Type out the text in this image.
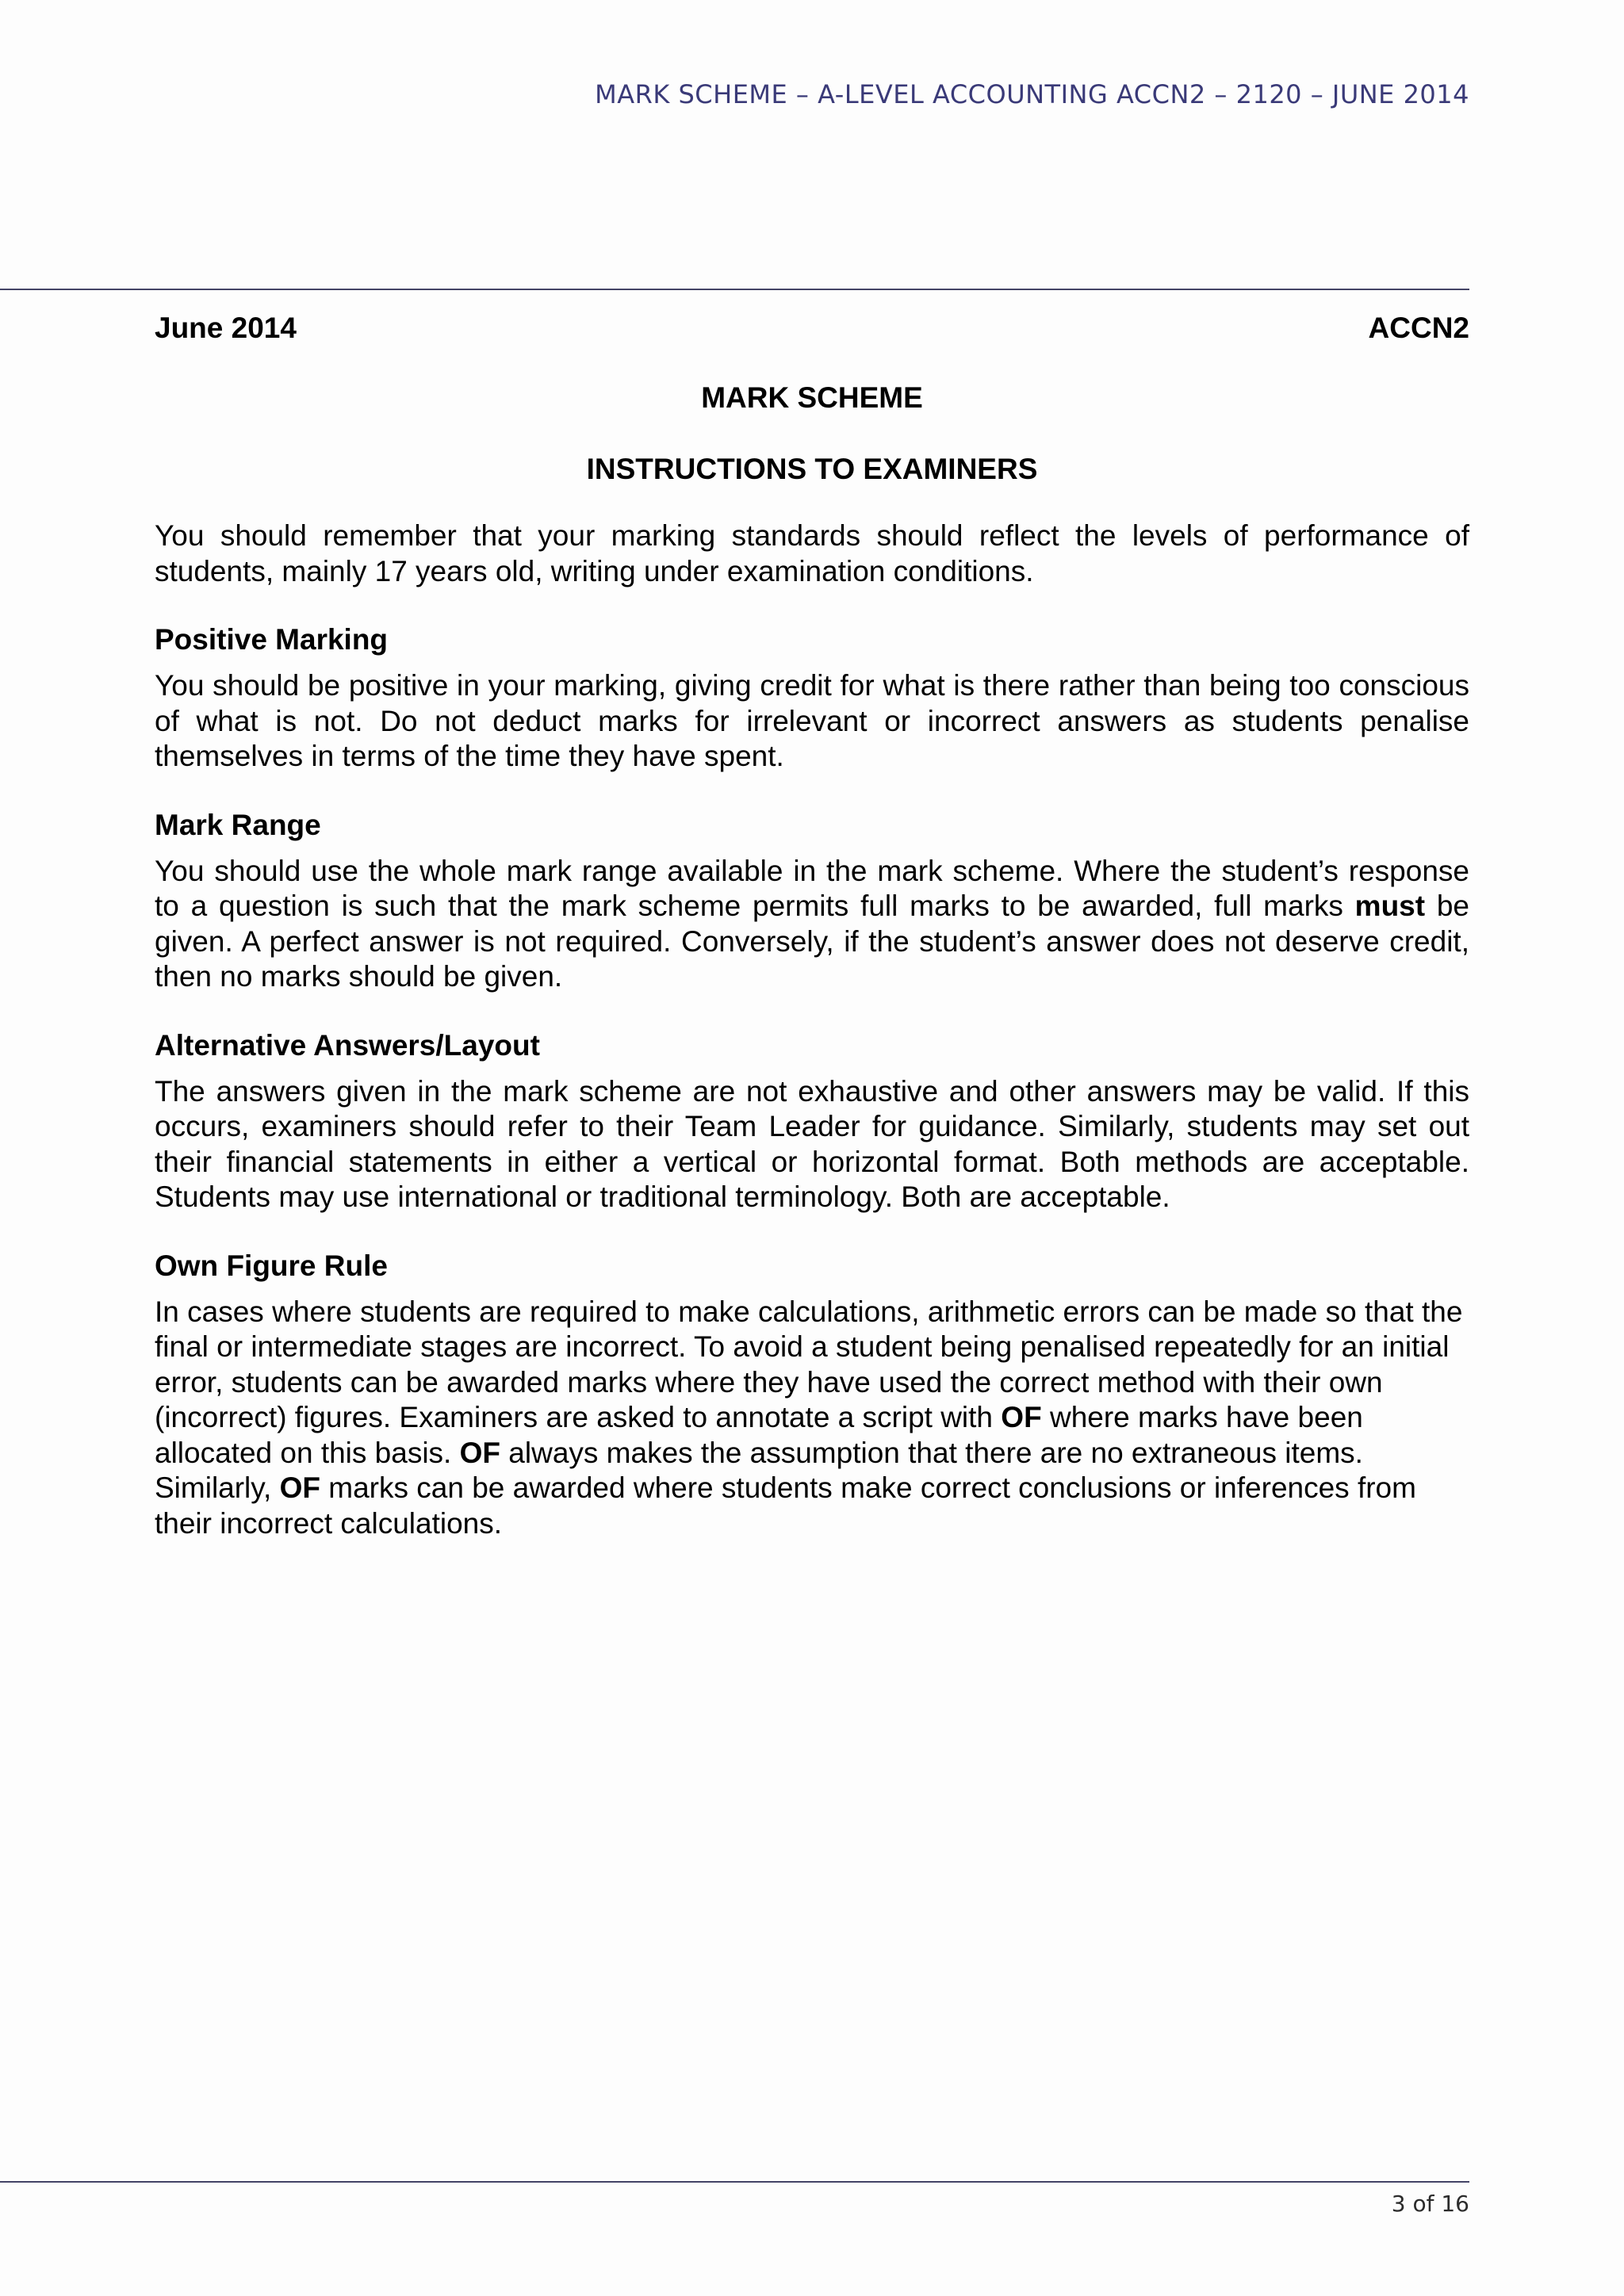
MARK SCHEME – A-LEVEL ACCOUNTING ACCN2 – 2120 – JUNE 2014
June 2014	ACCN2
MARK SCHEME
INSTRUCTIONS TO EXAMINERS

You should remember that your marking standards should reflect the levels of performance of students, mainly 17 years old, writing under examination conditions.

Positive Marking

You should be positive in your marking, giving credit for what is there rather than being too conscious of what is not. Do not deduct marks for irrelevant or incorrect answers as students penalise themselves in terms of the time they have spent.

Mark Range

You should use the whole mark range available in the mark scheme. Where the student’s response to a question is such that the mark scheme permits full marks to be awarded, full marks must be given. A perfect answer is not required. Conversely, if the student’s answer does not deserve credit, then no marks should be given.

Alternative Answers/Layout

The answers given in the mark scheme are not exhaustive and other answers may be valid. If this occurs, examiners should refer to their Team Leader for guidance. Similarly, students may set out their financial statements in either a vertical or horizontal format. Both methods are acceptable. Students may use international or traditional terminology. Both are acceptable.

Own Figure Rule

In cases where students are required to make calculations, arithmetic errors can be made so that the final or intermediate stages are incorrect. To avoid a student being penalised repeatedly for an initial error, students can be awarded marks where they have used the correct method with their own (incorrect) figures. Examiners are asked to annotate a script with OF where marks have been allocated on this basis. OF always makes the assumption that there are no extraneous items. Similarly, OF marks can be awarded where students make correct conclusions or inferences from their incorrect calculations.

3 of 16
